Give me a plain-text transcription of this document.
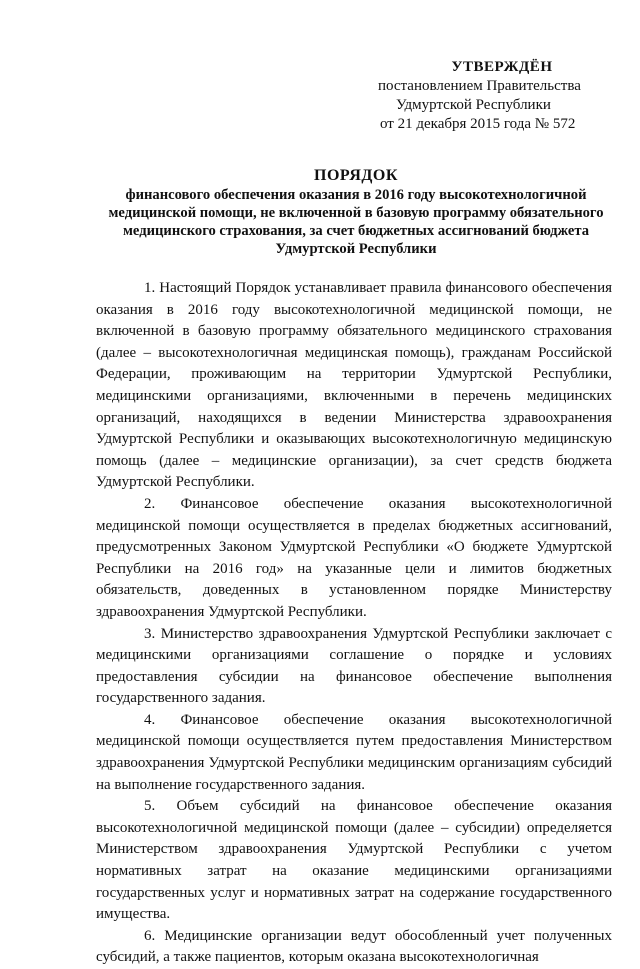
УТВЕРЖДЁН
постановлением Правительства
Удмуртской Республики
от 21 декабря 2015 года № 572
ПОРЯДОК
финансового обеспечения оказания в 2016 году высокотехнологичной медицинской помощи, не включенной в базовую программу обязательного медицинского страхования, за счет бюджетных ассигнований бюджета Удмуртской Республики

1. Настоящий Порядок устанавливает правила финансового обеспечения оказания в 2016 году высокотехнологичной медицинской помощи, не включенной в базовую программу обязательного медицинского страхования (далее – высокотехнологичная медицинская помощь), гражданам Российской Федерации, проживающим на территории Удмуртской Республики, медицинскими организациями, включенными в перечень медицинских организаций, находящихся в ведении Министерства здравоохранения Удмуртской Республики и оказывающих высокотехнологичную медицинскую помощь (далее – медицинские организации), за счет средств бюджета Удмуртской Республики.

2. Финансовое обеспечение оказания высокотехнологичной медицинской помощи осуществляется в пределах бюджетных ассигнований, предусмотренных Законом Удмуртской Республики «О бюджете Удмуртской Республики на 2016 год» на указанные цели и лимитов бюджетных обязательств, доведенных в установленном порядке Министерству здравоохранения Удмуртской Республики.

3. Министерство здравоохранения Удмуртской Республики заключает с медицинскими организациями соглашение о порядке и условиях предоставления субсидии на финансовое обеспечение выполнения государственного задания.

4. Финансовое обеспечение оказания высокотехнологичной медицинской помощи осуществляется путем предоставления Министерством здравоохранения Удмуртской Республики медицинским организациям субсидий на выполнение государственного задания.

5. Объем субсидий на финансовое обеспечение оказания высокотехнологичной медицинской помощи (далее – субсидии) определяется Министерством здравоохранения Удмуртской Республики с учетом нормативных затрат на оказание медицинскими организациями государственных услуг и нормативных затрат на содержание государственного имущества.

6. Медицинские организации ведут обособленный учет полученных субсидий, а также пациентов, которым оказана высокотехнологичная
